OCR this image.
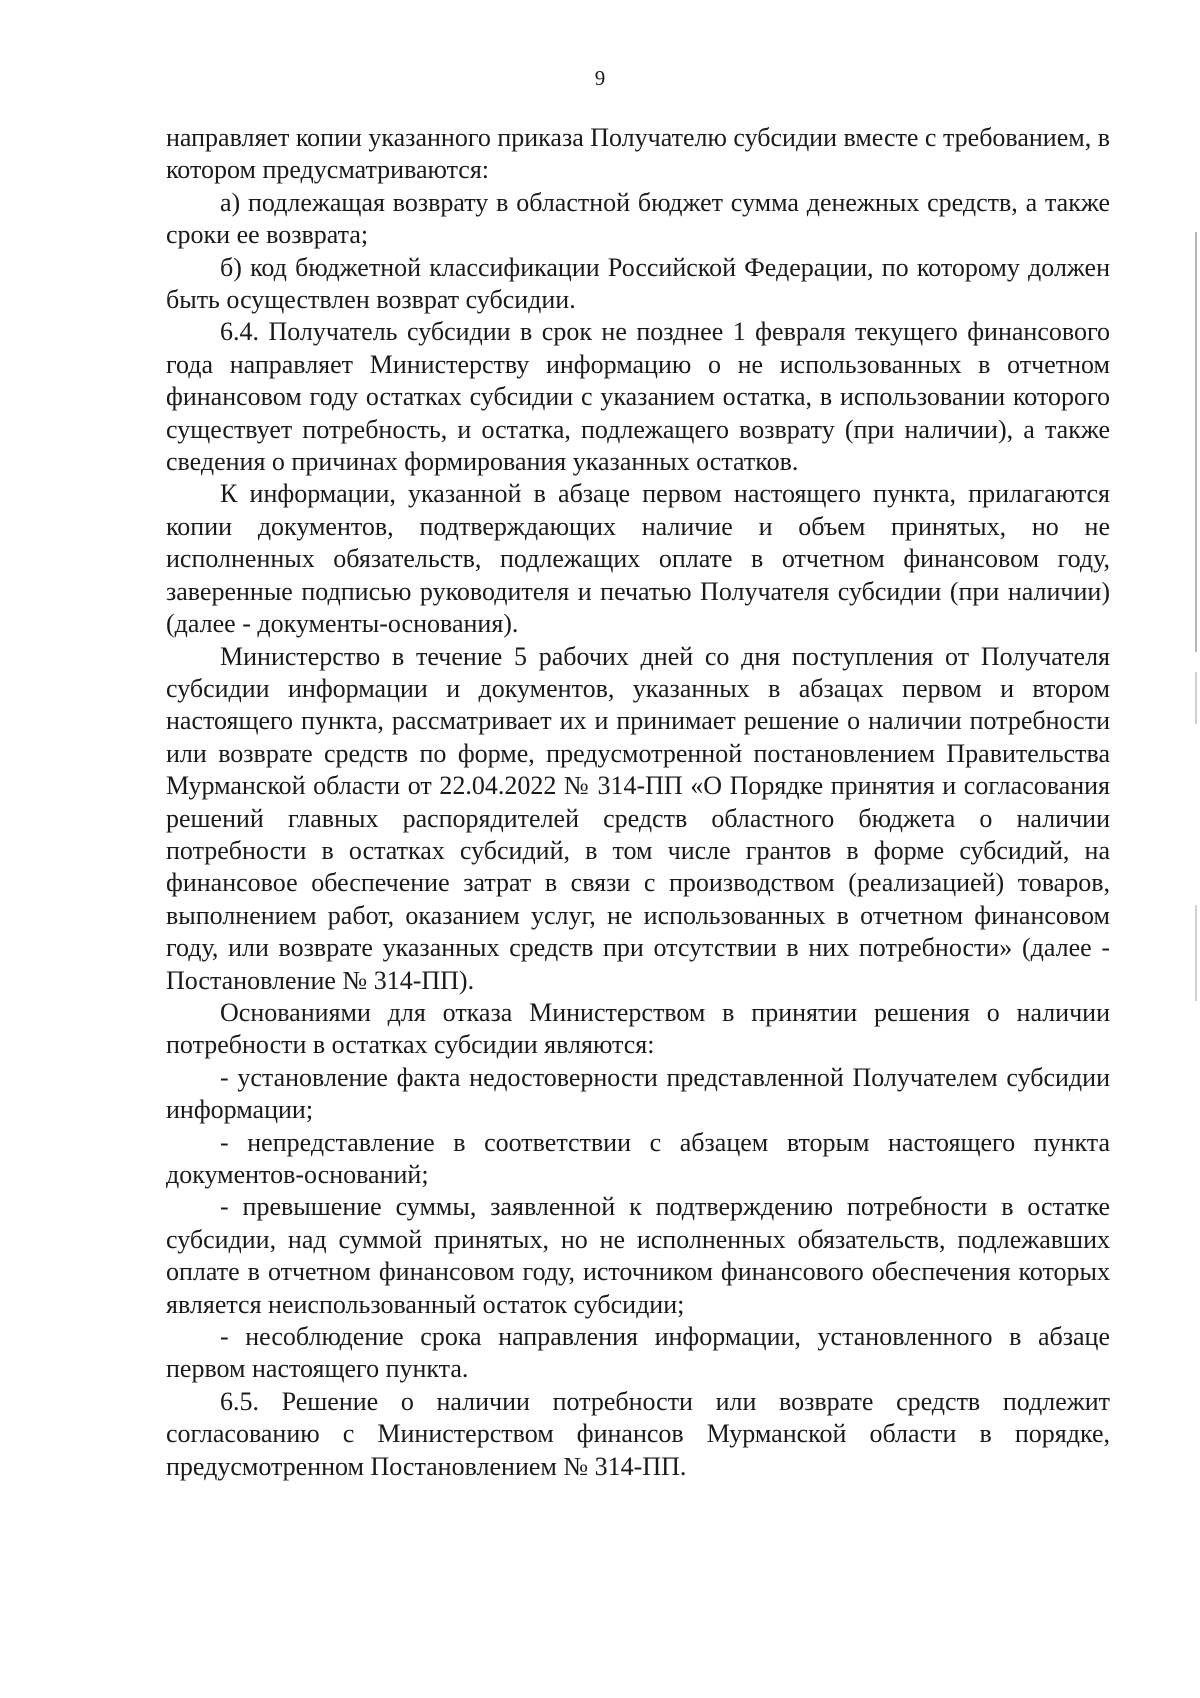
9

направляет копии указанного приказа Получателю субсидии вместе с требованием, в котором предусматриваются:

а) подлежащая возврату в областной бюджет сумма денежных средств, а также сроки ее возврата;

б) код бюджетной классификации Российской Федерации, по которому должен быть осуществлен возврат субсидии.

6.4. Получатель субсидии в срок не позднее 1 февраля текущего финансового года направляет Министерству информацию о не использованных в отчетном финансовом году остатках субсидии с указанием остатка, в использовании которого существует потребность, и остатка, подлежащего возврату (при наличии), а также сведения о причинах формирования указанных остатков.

К информации, указанной в абзаце первом настоящего пункта, прилагаются копии документов, подтверждающих наличие и объем принятых, но не исполненных обязательств, подлежащих оплате в отчетном финансовом году, заверенные подписью руководителя и печатью Получателя субсидии (при наличии) (далее - документы-основания).

Министерство в течение 5 рабочих дней со дня поступления от Получателя субсидии информации и документов, указанных в абзацах первом и втором настоящего пункта, рассматривает их и принимает решение о наличии потребности или возврате средств по форме, предусмотренной постановлением Правительства Мурманской области от 22.04.2022 № 314-ПП «О Порядке принятия и согласования решений главных распорядителей средств областного бюджета о наличии потребности в остатках субсидий, в том числе грантов в форме субсидий, на финансовое обеспечение затрат в связи с производством (реализацией) товаров, выполнением работ, оказанием услуг, не использованных в отчетном финансовом году, или возврате указанных средств при отсутствии в них потребности» (далее - Постановление № 314-ПП).

Основаниями для отказа Министерством в принятии решения о наличии потребности в остатках субсидии являются:

- установление факта недостоверности представленной Получателем субсидии информации;

- непредставление в соответствии с абзацем вторым настоящего пункта документов-оснований;

- превышение суммы, заявленной к подтверждению потребности в остатке субсидии, над суммой принятых, но не исполненных обязательств, подлежавших оплате в отчетном финансовом году, источником финансового обеспечения которых является неиспользованный остаток субсидии;

- несоблюдение срока направления информации, установленного в абзаце первом настоящего пункта.

6.5. Решение о наличии потребности или возврате средств подлежит согласованию с Министерством финансов Мурманской области в порядке, предусмотренном Постановлением № 314-ПП.
